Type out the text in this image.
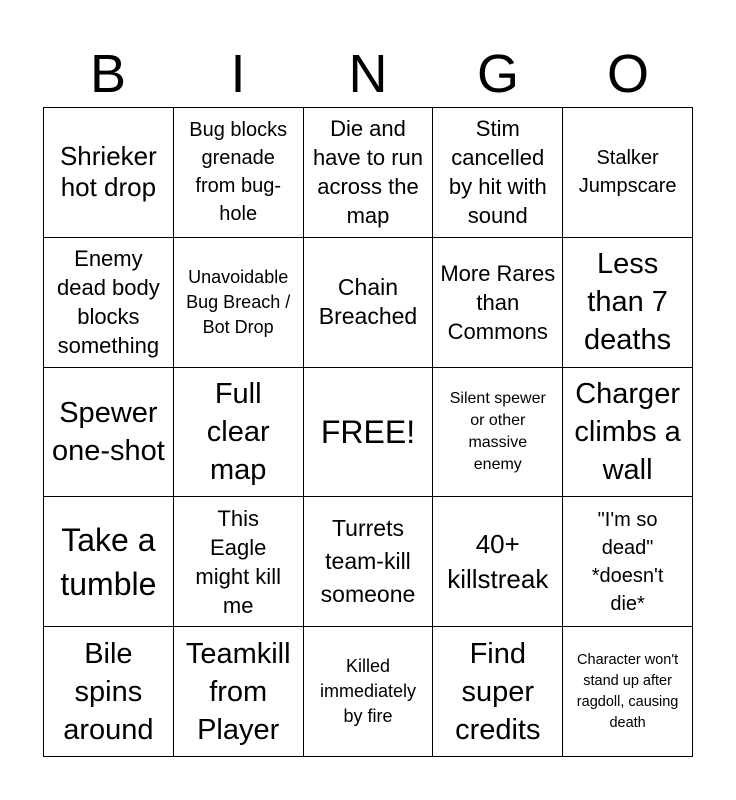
B	I	N	G	O
Shrieker hot drop
Bug blocks grenade from bug-hole
Die and have to run across the map
Stim cancelled by hit with sound
Stalker Jumpscare
Enemy dead body blocks something
Unavoidable Bug Breach / Bot Drop
Chain Breached
More Rares than Commons
Less than 7 deaths
Spewer one-shot
Full clear map
FREE!
Silent spewer or other massive enemy
Charger climbs a wall
Take a tumble
This Eagle might kill me
Turrets team-kill someone
40+ killstreak
"I'm so dead" *doesn't die*
Bile spins around
Teamkill from Player
Killed immediately by fire
Find super credits
Character won't stand up after ragdoll, causing death
